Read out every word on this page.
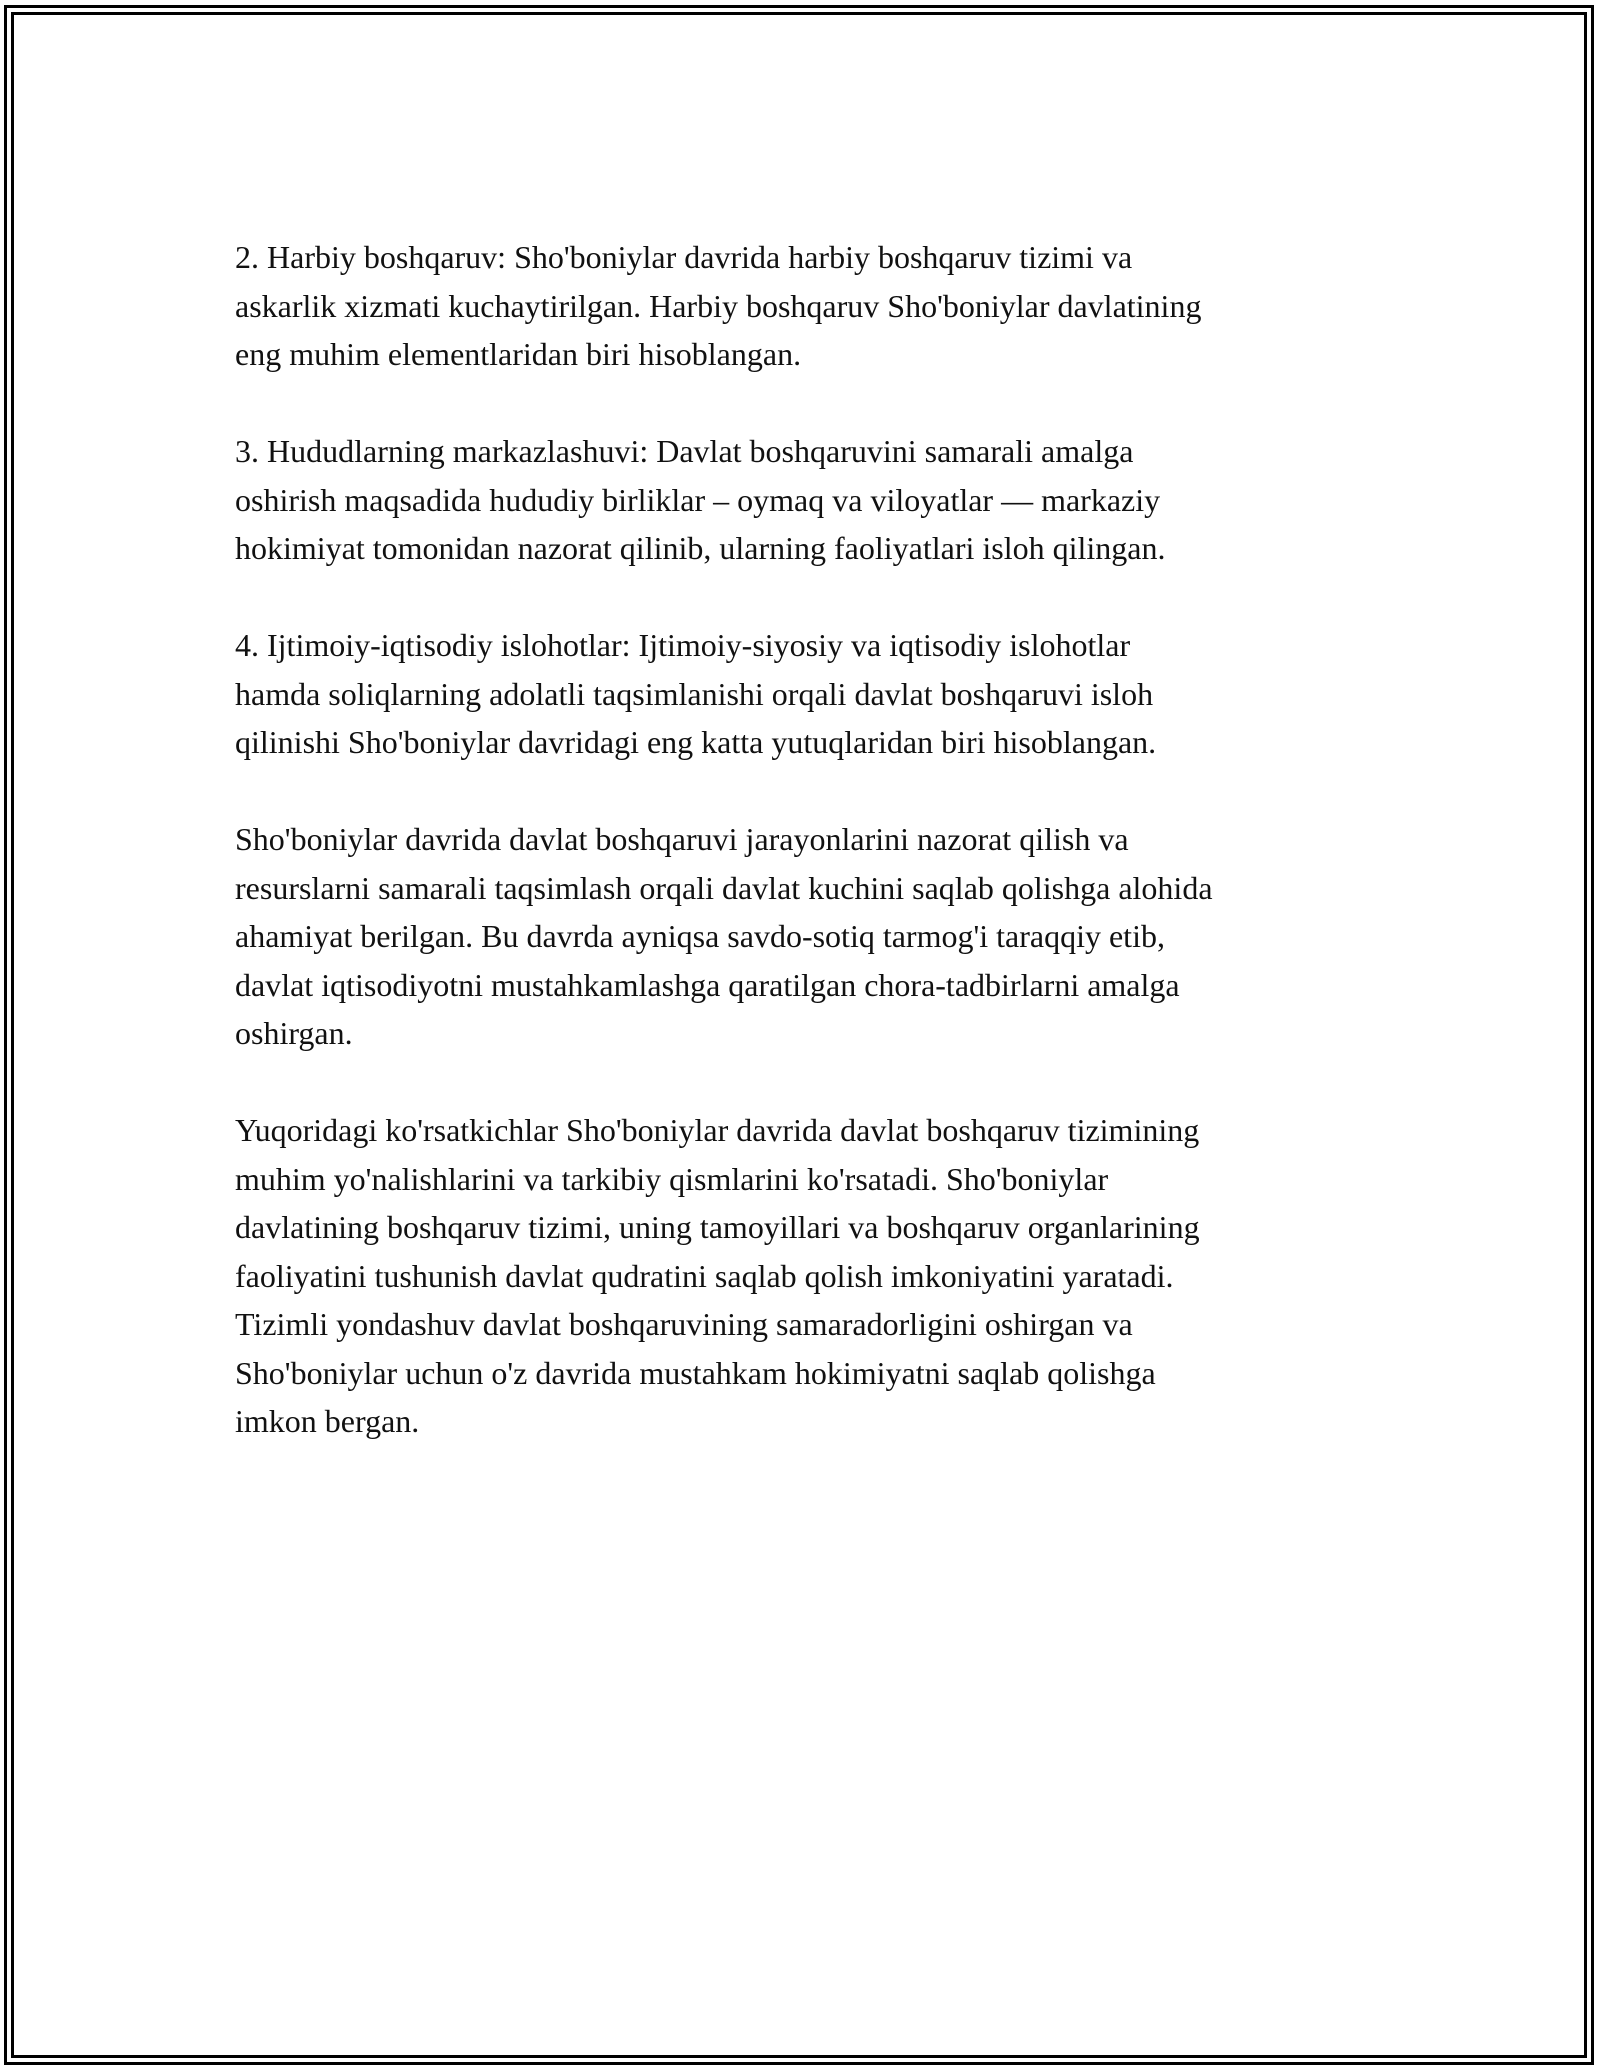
2. Harbiy boshqaruv: Sho'boniylar davrida harbiy boshqaruv tizimi va
askarlik xizmati kuchaytirilgan. Harbiy boshqaruv Sho'boniylar davlatining
eng muhim elementlaridan biri hisoblangan.

3. Hududlarning markazlashuvi: Davlat boshqaruvini samarali amalga
oshirish maqsadida hududiy birliklar – oymaq va viloyatlar — markaziy
hokimiyat tomonidan nazorat qilinib, ularning faoliyatlari isloh qilingan.

4. Ijtimoiy-iqtisodiy islohotlar: Ijtimoiy-siyosiy va iqtisodiy islohotlar
hamda soliqlarning adolatli taqsimlanishi orqali davlat boshqaruvi isloh
qilinishi Sho'boniylar davridagi eng katta yutuqlaridan biri hisoblangan.

Sho'boniylar davrida davlat boshqaruvi jarayonlarini nazorat qilish va
resurslarni samarali taqsimlash orqali davlat kuchini saqlab qolishga alohida
ahamiyat berilgan. Bu davrda ayniqsa savdo-sotiq tarmog'i taraqqiy etib,
davlat iqtisodiyotni mustahkamlashga qaratilgan chora-tadbirlarni amalga
oshirgan.

Yuqoridagi ko'rsatkichlar Sho'boniylar davrida davlat boshqaruv tizimining
muhim yo'nalishlarini va tarkibiy qismlarini ko'rsatadi. Sho'boniylar
davlatining boshqaruv tizimi, uning tamoyillari va boshqaruv organlarining
faoliyatini tushunish davlat qudratini saqlab qolish imkoniyatini yaratadi.
Tizimli yondashuv davlat boshqaruvining samaradorligini oshirgan va
Sho'boniylar uchun o'z davrida mustahkam hokimiyatni saqlab qolishga
imkon bergan.
